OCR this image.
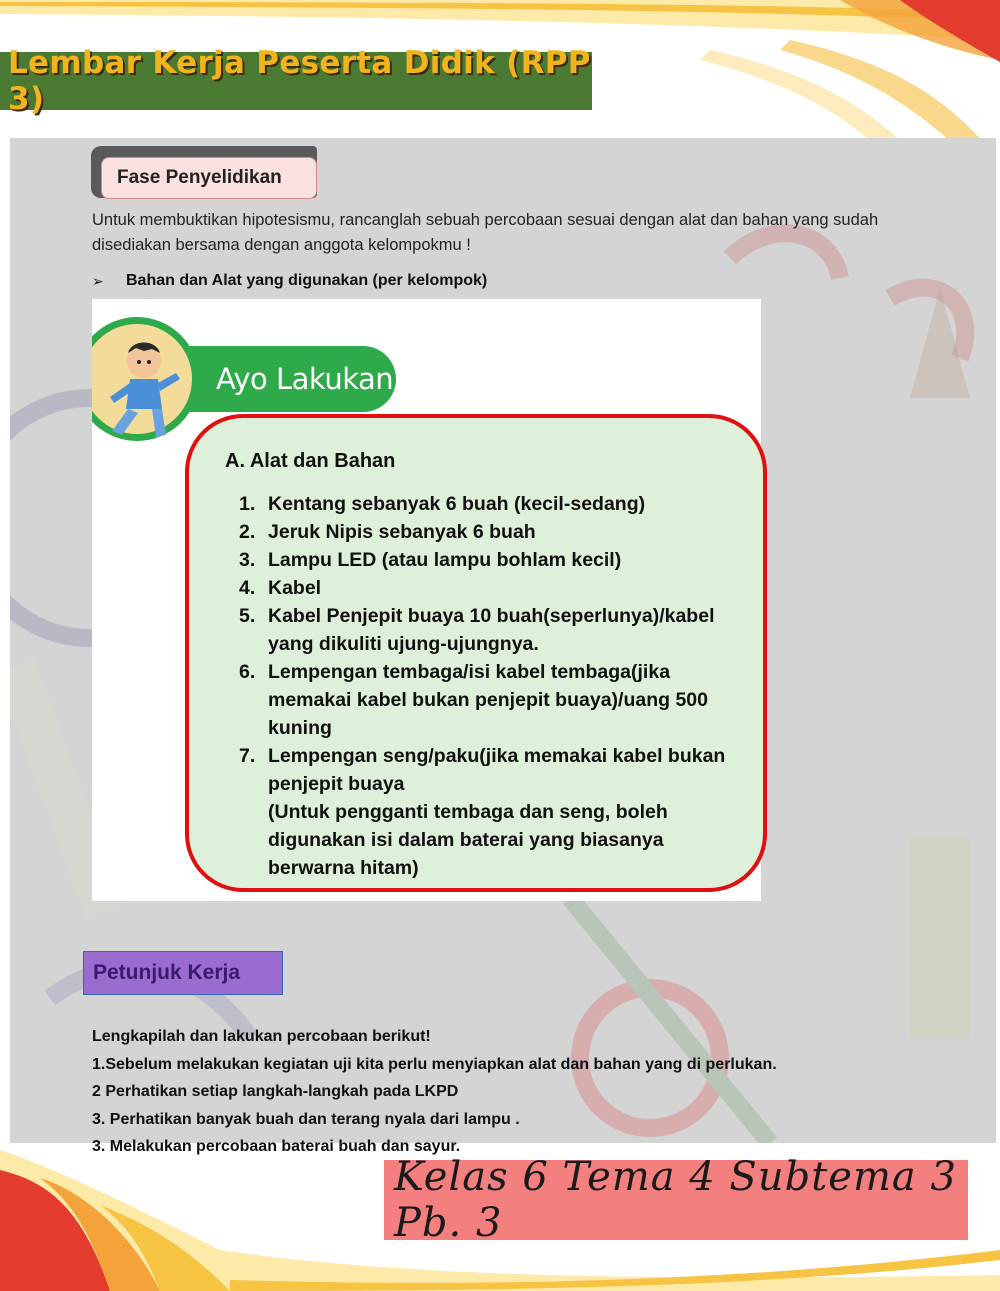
Lembar Kerja Peserta Didik (RPP 3)
Fase Penyelidikan
Untuk membuktikan hipotesismu, rancanglah sebuah percobaan sesuai dengan alat dan bahan yang sudah disediakan bersama dengan anggota kelompokmu !
➢	Bahan dan Alat yang digunakan (per kelompok)
Ayo Lakukan
A. Alat dan Bahan
1. Kentang sebanyak 6 buah (kecil-sedang)
2. Jeruk Nipis sebanyak 6 buah
3. Lampu LED (atau lampu bohlam kecil)
4. Kabel
5. Kabel Penjepit buaya 10 buah(seperlunya)/kabel yang dikuliti ujung-ujungnya.
6. Lempengan tembaga/isi kabel tembaga(jika memakai kabel bukan penjepit buaya)/uang 500 kuning
7. Lempengan seng/paku(jika memakai kabel bukan penjepit buaya
(Untuk pengganti tembaga dan seng, boleh digunakan isi dalam baterai yang biasanya berwarna hitam)
Petunjuk Kerja
Lengkapilah dan lakukan percobaan berikut!
1.Sebelum melakukan kegiatan uji kita perlu menyiapkan alat dan bahan yang di perlukan.
2 Perhatikan setiap langkah-langkah pada LKPD
3. Perhatikan banyak buah dan terang nyala dari lampu .
3. Melakukan percobaan baterai buah dan sayur.
Kelas 6 Tema 4 Subtema 3 Pb. 3
